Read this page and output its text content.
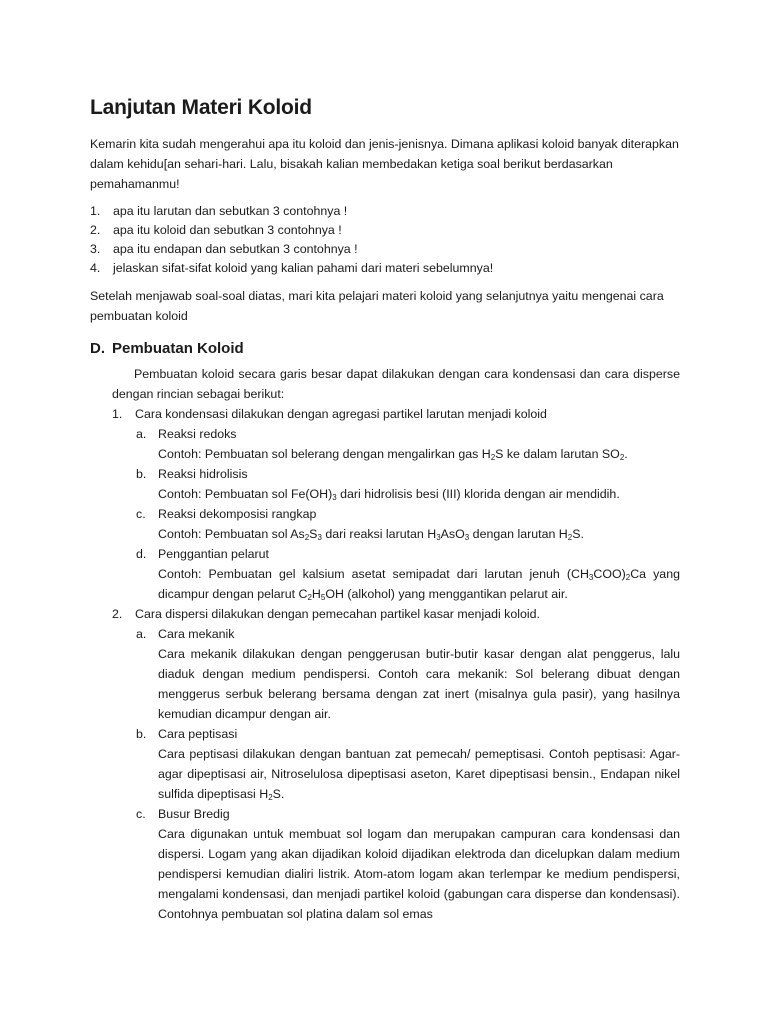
Lanjutan Materi Koloid

Kemarin kita sudah mengerahui apa itu koloid dan jenis-jenisnya. Dimana aplikasi koloid banyak diterapkan dalam kehidu[an sehari-hari. Lalu, bisakah kalian membedakan ketiga soal berikut berdasarkan pemahamanmu!

1. apa itu larutan dan sebutkan 3 contohnya !
2. apa itu koloid dan sebutkan 3 contohnya !
3. apa itu endapan dan sebutkan 3 contohnya !
4. jelaskan sifat-sifat koloid yang kalian pahami dari materi sebelumnya!

Setelah menjawab soal-soal diatas, mari kita pelajari materi koloid yang selanjutnya yaitu mengenai cara pembuatan koloid

D. Pembuatan Koloid

Pembuatan koloid secara garis besar dapat dilakukan dengan cara kondensasi dan cara disperse dengan rincian sebagai berikut:

1. Cara kondensasi dilakukan dengan agregasi partikel larutan menjadi koloid
a. Reaksi redoks

Contoh: Pembuatan sol belerang dengan mengalirkan gas $H_2S$ ke dalam larutan $SO_2$.

b. Reaksi hidrolisis

Contoh: Pembuatan sol $Fe(OH)_3$ dari hidrolisis besi (III) klorida dengan air mendidih.

c. Reaksi dekomposisi rangkap

Contoh: Pembuatan sol $As_2S_3$ dari reaksi larutan $H_3AsO_3$ dengan larutan $H_2S$.

d. Penggantian pelarut

Contoh: Pembuatan gel kalsium asetat semipadat dari larutan jenuh $(CH_3COO)_2Ca$ yang dicampur dengan pelarut $C_2H_5OH$ (alkohol) yang menggantikan pelarut air.

2. Cara dispersi dilakukan dengan pemecahan partikel kasar menjadi koloid.
a. Cara mekanik

Cara mekanik dilakukan dengan penggerusan butir-butir kasar dengan alat penggerus, lalu diaduk dengan medium pendispersi. Contoh cara mekanik: Sol belerang dibuat dengan menggerus serbuk belerang bersama dengan zat inert (misalnya gula pasir), yang hasilnya kemudian dicampur dengan air.

b. Cara peptisasi

Cara peptisasi dilakukan dengan bantuan zat pemecah/ pemeptisasi. Contoh peptisasi: Agar-agar dipeptisasi air, Nitroselulosa dipeptisasi aseton, Karet dipeptisasi bensin., Endapan nikel sulfida dipeptisasi $H_2S$.

c. Busur Bredig

Cara digunakan untuk membuat sol logam dan merupakan campuran cara kondensasi dan dispersi. Logam yang akan dijadikan koloid dijadikan elektroda dan dicelupkan dalam medium pendispersi kemudian dialiri listrik. Atom-atom logam akan terlempar ke medium pendispersi, mengalami kondensasi, dan menjadi partikel koloid (gabungan cara disperse dan kondensasi). Contohnya pembuatan sol platina dalam sol emas
